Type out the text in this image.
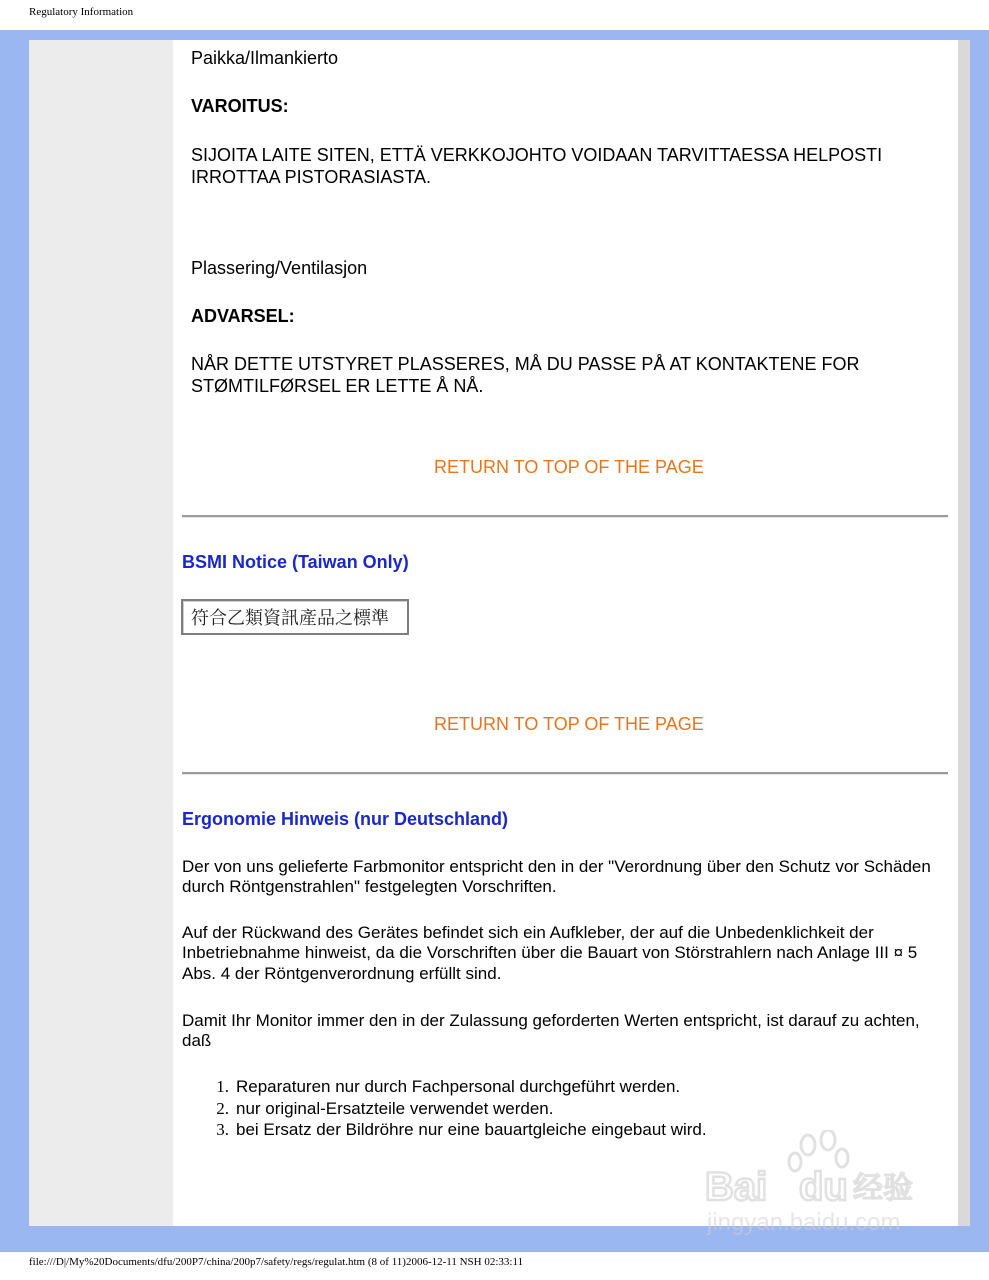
Regulatory Information
Paikka/Ilmankierto
VAROITUS:
SIJOITA LAITE SITEN, ETTÄ VERKKOJOHTO VOIDAAN TARVITTAESSA HELPOSTI
IRROTTAA PISTORASIASTA.
Plassering/Ventilasjon
ADVARSEL:
NÅR DETTE UTSTYRET PLASSERES, MÅ DU PASSE PÅ AT KONTAKTENE FOR
STØMTILFØRSEL ER LETTE Å NÅ.
RETURN TO TOP OF THE PAGE
BSMI Notice (Taiwan Only)
符合乙類資訊產品之標準
RETURN TO TOP OF THE PAGE
Ergonomie Hinweis (nur Deutschland)
Der von uns gelieferte Farbmonitor entspricht den in der "Verordnung über den Schutz vor Schäden
durch Röntgenstrahlen" festgelegten Vorschriften.
Auf der Rückwand des Gerätes befindet sich ein Aufkleber, der auf die Unbedenklichkeit der
Inbetriebnahme hinweist, da die Vorschriften über die Bauart von Störstrahlern nach Anlage III ¤ 5
Abs. 4 der Röntgenverordnung erfüllt sind.
Damit Ihr Monitor immer den in der Zulassung geforderten Werten entspricht, ist darauf zu achten,
daß
1. Reparaturen nur durch Fachpersonal durchgeführt werden.
2. nur original-Ersatzteile verwendet werden.
3. bei Ersatz der Bildröhre nur eine bauartgleiche eingebaut wird.
Bai du 经验
jingyan.baidu.com
file:///D|/My%20Documents/dfu/200P7/china/200p7/safety/regs/regulat.htm (8 of 11)2006-12-11 NSH 02:33:11
